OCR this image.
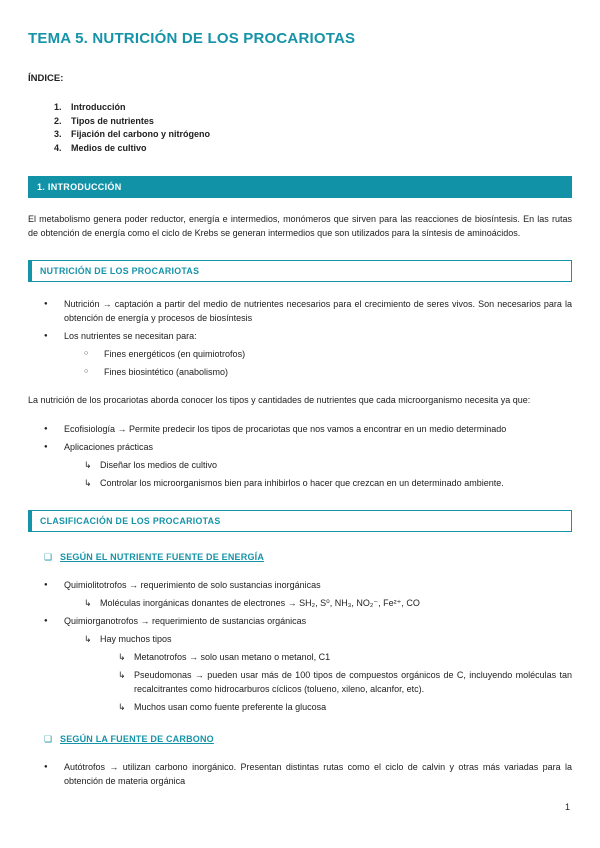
TEMA 5. NUTRICIÓN DE LOS PROCARIOTAS
ÍNDICE:
1.	Introducción
2.	Tipos de nutrientes
3.	Fijación del carbono y nitrógeno
4.	Medios de cultivo
1. INTRODUCCIÓN

El metabolismo genera poder reductor, energía e intermedios, monómeros que sirven para las reacciones de biosíntesis. En las rutas de obtención de energía como el ciclo de Krebs se generan intermedios que son utilizados para la síntesis de aminoácidos.

NUTRICIÓN DE LOS PROCARIOTAS
●	Nutrición → captación a partir del medio de nutrientes necesarios para el crecimiento de seres vivos. Son necesarios para la obtención de energía y procesos de biosíntesis
●	Los nutrientes se necesitan para:
○	Fines energéticos (en quimiotrofos)
○	Fines biosintético (anabolismo)

La nutrición de los procariotas aborda conocer los tipos y cantidades de nutrientes que cada microorganismo necesita ya que:

●	Ecofisiología → Permite predecir los tipos de procariotas que nos vamos a encontrar en un medio determinado
●	Aplicaciones prácticas
↳ Diseñar los medios de cultivo
↳ Controlar los microorganismos bien para inhibirlos o hacer que crezcan en un determinado ambiente.
CLASIFICACIÓN DE LOS PROCARIOTAS
❏ SEGÚN EL NUTRIENTE FUENTE DE ENERGÍA
●	Quimiolitotrofos → requerimiento de solo sustancias inorgánicas
↳ Moléculas inorgánicas donantes de electrones → SH₂, S⁰, NH₃, NO₂⁻, Fe²⁺, CO
●	Quimiorganotrofos → requerimiento de sustancias orgánicas
↳ Hay muchos tipos
↳ Metanotrofos → solo usan metano o metanol, C1
↳ Pseudomonas → pueden usar más de 100 tipos de compuestos orgánicos de C, incluyendo moléculas tan recalcitrantes como hidrocarburos cíclicos (tolueno, xileno, alcanfor, etc).
↳ Muchos usan como fuente preferente la glucosa
❏ SEGÚN LA FUENTE DE CARBONO
●	Autótrofos → utilizan carbono inorgánico. Presentan distintas rutas como el ciclo de calvin y otras más variadas para la obtención de materia orgánica
1
